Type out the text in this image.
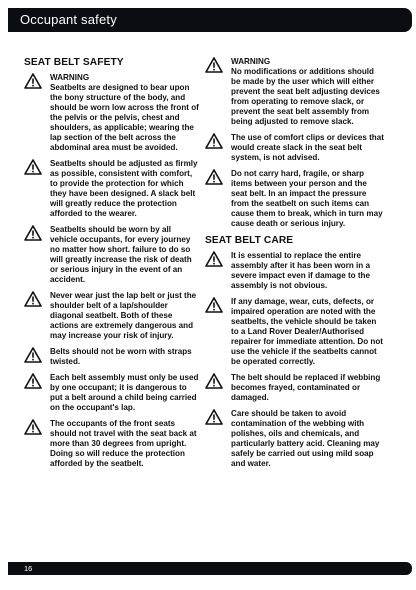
Occupant safety
SEAT BELT SAFETY
WARNING
Seatbelts are designed to bear upon the bony structure of the body, and should be worn low across the front of the pelvis or the pelvis, chest and shoulders, as applicable; wearing the lap section of the belt across the abdominal area must be avoided.
Seatbelts should be adjusted as firmly as possible, consistent with comfort, to provide the protection for which they have been designed. A slack belt will greatly reduce the protection afforded to the wearer.
Seatbelts should be worn by all vehicle occupants, for every journey no matter how short. failure to do so will greatly increase the risk of death or serious injury in the event of an accident.
Never wear just the lap belt or just the shoulder belt of a lap/shoulder diagonal seatbelt. Both of these actions are extremely dangerous and may increase your risk of injury.
Belts should not be worn with straps twisted.
Each belt assembly must only be used by one occupant; it is dangerous to put a belt around a child being carried on the occupant's lap.
The occupants of the front seats should not travel with the seat back at more than 30 degrees from upright. Doing so will reduce the protection afforded by the seatbelt.
WARNING
No modifications or additions should be made by the user which will either prevent the seat belt adjusting devices from operating to remove slack, or prevent the seat belt assembly from being adjusted to remove slack.
The use of comfort clips or devices that would create slack in the seat belt system, is not advised.
Do not carry hard, fragile, or sharp items between your person and the seat belt. In an impact the pressure from the seatbelt on such items can cause them to break, which in turn may cause death or serious injury.
SEAT BELT CARE
It is essential to replace the entire assembly after it has been worn in a severe impact even if damage to the assembly is not obvious.
If any damage, wear, cuts, defects, or impaired operation are noted with the seatbelts, the vehicle should be taken to a Land Rover Dealer/Authorised repairer for immediate attention. Do not use the vehicle if the seatbelts cannot be operated correctly.
The belt should be replaced if webbing becomes frayed, contaminated or damaged.
Care should be taken to avoid contamination of the webbing with polishes, oils and chemicals, and particularly battery acid. Cleaning may safely be carried out using mild soap and water.
16
